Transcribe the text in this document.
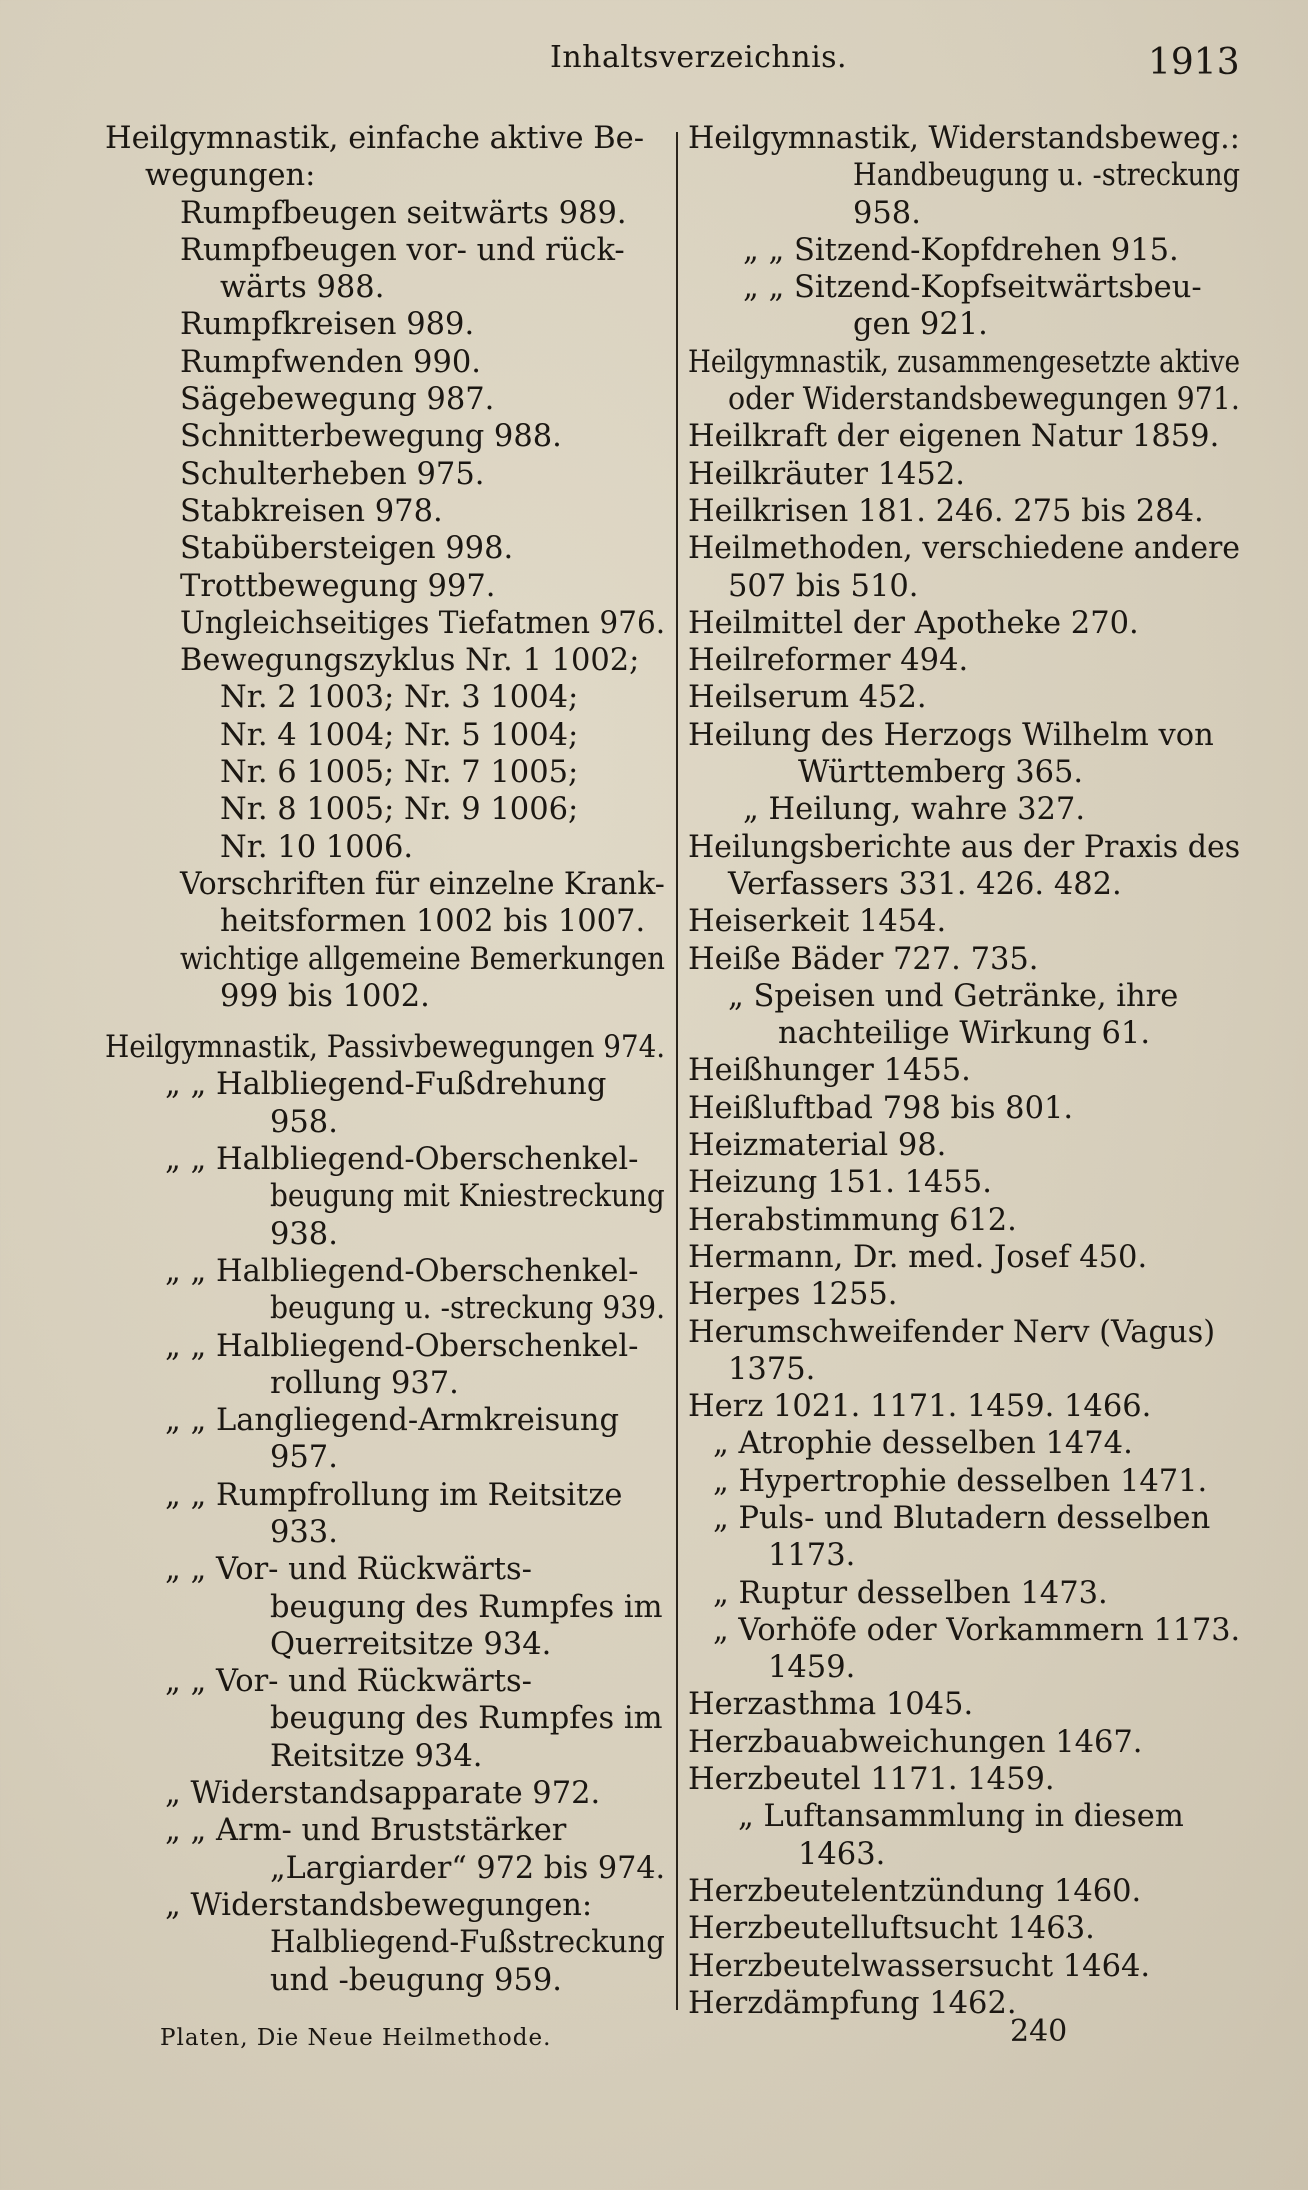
Inhaltsverzeichnis.	1913
Heilgymnastik, einfache aktive Be-
wegungen:
Rumpfbeugen seitwärts 989.
Rumpfbeugen vor- und rück-
wärts 988.
Rumpfkreisen 989.
Rumpfwenden 990.
Sägebewegung 987.
Schnitterbewegung 988.
Schulterheben 975.
Stabkreisen 978.
Stabübersteigen 998.
Trottbewegung 997.
Ungleichseitiges Tiefatmen 976.
Bewegungszyklus Nr. 1 1002;
Nr. 2 1003; Nr. 3 1004;
Nr. 4 1004; Nr. 5 1004;
Nr. 6 1005; Nr. 7 1005;
Nr. 8 1005; Nr. 9 1006;
Nr. 10 1006.
Vorschriften für einzelne Krank-
heitsformen 1002 bis 1007.
wichtige allgemeine Bemerkungen
999 bis 1002.
Heilgymnastik, Passivbewegungen 974.
„ „ Halbliegend-Fußdrehung
958.
„ „ Halbliegend-Oberschenkel-
beugung mit Kniestreckung
938.
„ „ Halbliegend-Oberschenkel-
beugung u. -streckung 939.
„ „ Halbliegend-Oberschenkel-
rollung 937.
„ „ Langliegend-Armkreisung
957.
„ „ Rumpfrollung im Reitsitze
933.
„ „ Vor- und Rückwärts-
beugung des Rumpfes im
Querreitsitze 934.
„ „ Vor- und Rückwärts-
beugung des Rumpfes im
Reitsitze 934.
„ Widerstandsapparate 972.
„ „ Arm- und Bruststärker
„Largiarder“ 972 bis 974.
„ Widerstandsbewegungen:
Halbliegend-Fußstreckung
und -beugung 959.
Heilgymnastik, Widerstandsbeweg.:
Handbeugung u. -streckung
958.
„ „ Sitzend-Kopfdrehen 915.
„ „ Sitzend-Kopfseitwärtsbeu-
gen 921.
Heilgymnastik, zusammengesetzte aktive
oder Widerstandsbewegungen 971.
Heilkraft der eigenen Natur 1859.
Heilkräuter 1452.
Heilkrisen 181. 246. 275 bis 284.
Heilmethoden, verschiedene andere
507 bis 510.
Heilmittel der Apotheke 270.
Heilreformer 494.
Heilserum 452.
Heilung des Herzogs Wilhelm von
Württemberg 365.
„ Heilung, wahre 327.
Heilungsberichte aus der Praxis des
Verfassers 331. 426. 482.
Heiserkeit 1454.
Heiße Bäder 727. 735.
„ Speisen und Getränke, ihre
nachteilige Wirkung 61.
Heißhunger 1455.
Heißluftbad 798 bis 801.
Heizmaterial 98.
Heizung 151. 1455.
Herabstimmung 612.
Hermann, Dr. med. Josef 450.
Herpes 1255.
Herumschweifender Nerv (Vagus)
1375.
Herz 1021. 1171. 1459. 1466.
„ Atrophie desselben 1474.
„ Hypertrophie desselben 1471.
„ Puls- und Blutadern desselben
1173.
„ Ruptur desselben 1473.
„ Vorhöfe oder Vorkammern 1173.
1459.
Herzasthma 1045.
Herzbauabweichungen 1467.
Herzbeutel 1171. 1459.
„ Luftansammlung in diesem
1463.
Herzbeutelentzündung 1460.
Herzbeutelluftsucht 1463.
Herzbeutelwassersucht 1464.
Herzdämpfung 1462.
Platen, Die Neue Heilmethode.	240
